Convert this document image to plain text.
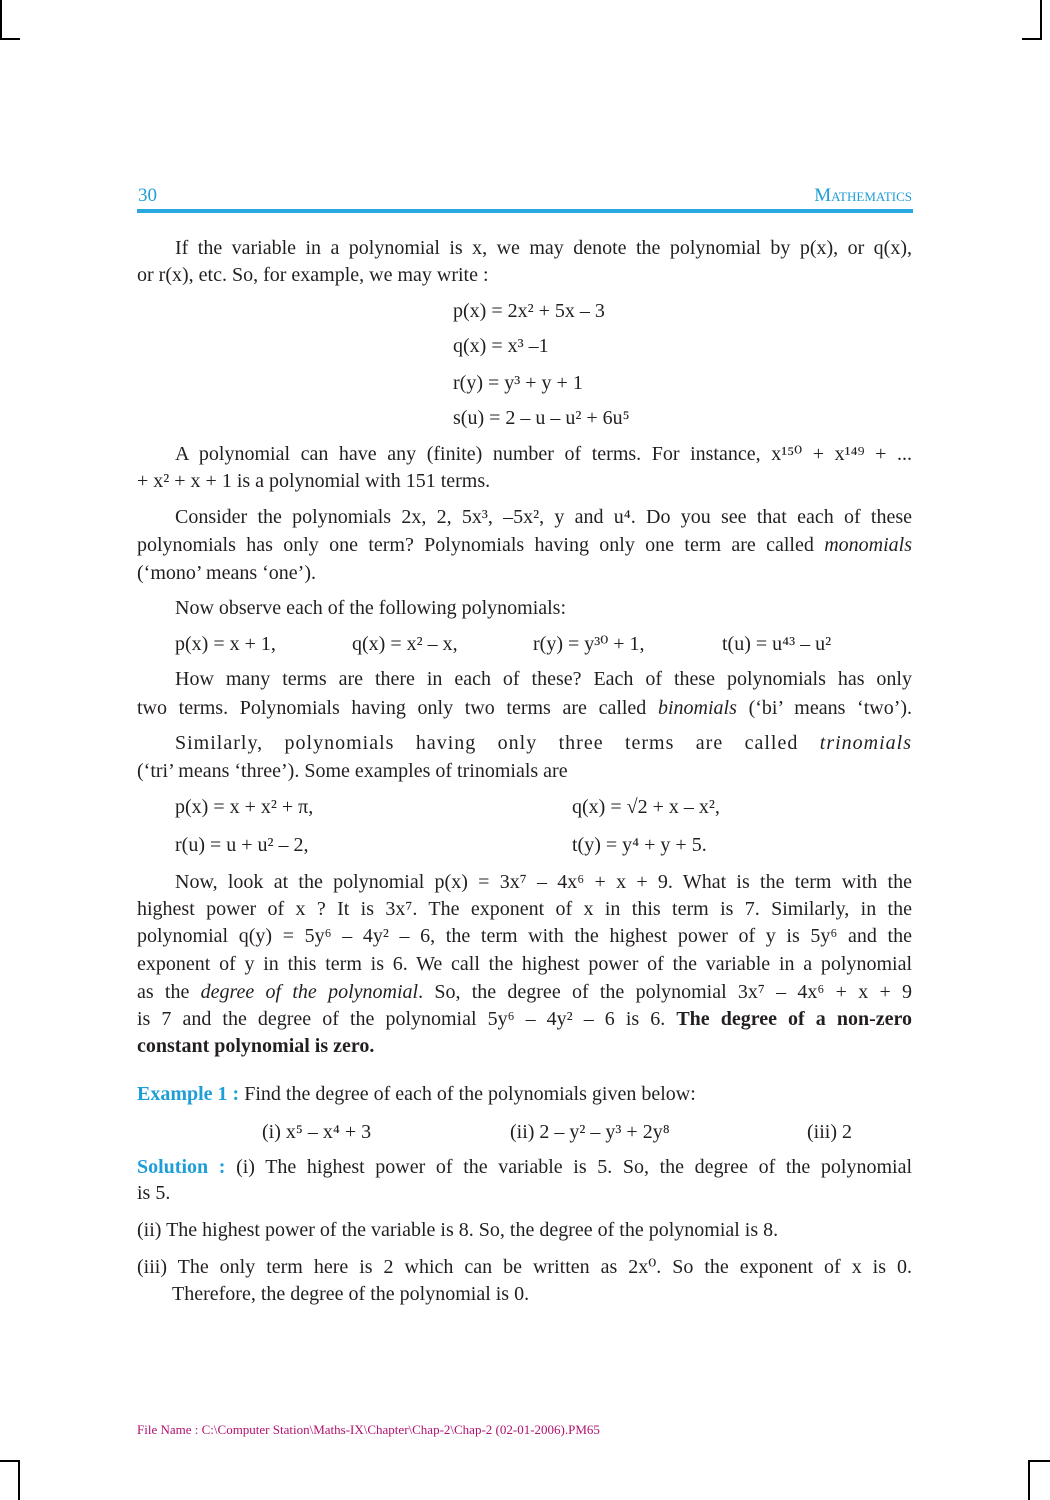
30	Mathematics
If the variable in a polynomial is x, we may denote the polynomial by p(x), or q(x),
or r(x), etc. So, for example, we may write :
p(x) = 2x² + 5x – 3
q(x) = x³ –1
r(y) = y³ + y + 1
s(u) = 2 – u – u² + 6u⁵
A polynomial can have any (finite) number of terms. For instance, x¹⁵⁰ + x¹⁴⁹ + ...
+ x² + x + 1 is a polynomial with 151 terms.
Consider the polynomials 2x, 2, 5x³, –5x², y and u⁴. Do you see that each of these
polynomials has only one term? Polynomials having only one term are called monomials
(‘mono’ means ‘one’).
Now observe each of the following polynomials:
p(x) = x + 1,	q(x) = x² – x,	r(y) = y³⁰ + 1,	t(u) = u⁴³ – u²
How many terms are there in each of these? Each of these polynomials has only
two terms. Polynomials having only two terms are called binomials (‘bi’ means ‘two’).
Similarly, polynomials having only three terms are called trinomials
(‘tri’ means ‘three’). Some examples of trinomials are
p(x) = x + x² + π,	q(x) = √2 + x – x²,
r(u) = u + u² – 2,	t(y) = y⁴ + y + 5.
Now, look at the polynomial p(x) = 3x⁷ – 4x⁶ + x + 9. What is the term with the
highest power of x ? It is 3x⁷. The exponent of x in this term is 7. Similarly, in the
polynomial q(y) = 5y⁶ – 4y² – 6, the term with the highest power of y is 5y⁶ and the
exponent of y in this term is 6. We call the highest power of the variable in a polynomial
as the degree of the polynomial. So, the degree of the polynomial 3x⁷ – 4x⁶ + x + 9
is 7 and the degree of the polynomial 5y⁶ – 4y² – 6 is 6. The degree of a non-zero
constant polynomial is zero.
Example 1 : Find the degree of each of the polynomials given below:
(i) x⁵ – x⁴ + 3	(ii) 2 – y² – y³ + 2y⁸	(iii) 2
Solution : (i) The highest power of the variable is 5. So, the degree of the polynomial
is 5.
(ii) The highest power of the variable is 8. So, the degree of the polynomial is 8.
(iii) The only term here is 2 which can be written as 2x⁰. So the exponent of x is 0.
Therefore, the degree of the polynomial is 0.
File Name : C:\Computer Station\Maths-IX\Chapter\Chap-2\Chap-2 (02-01-2006).PM65
